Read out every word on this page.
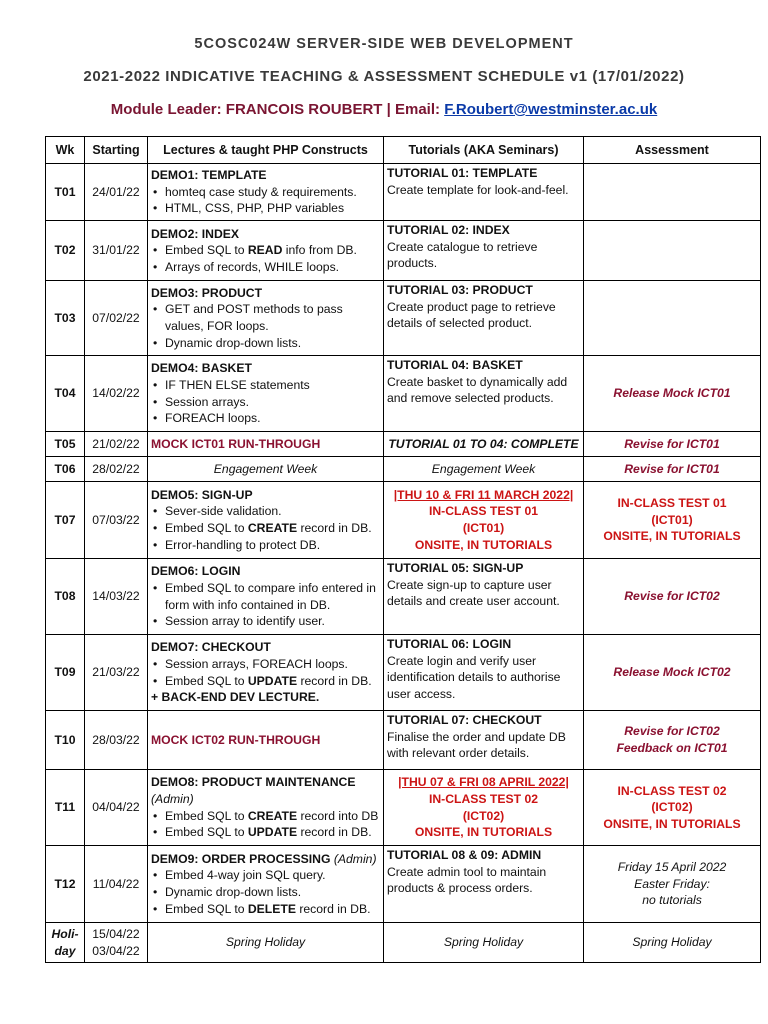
5COSC024W SERVER-SIDE WEB DEVELOPMENT
2021-2022 INDICATIVE TEACHING & ASSESSMENT SCHEDULE v1 (17/01/2022)
Module Leader: FRANCOIS ROUBERT | Email: F.Roubert@westminster.ac.uk
Wk	Starting	Lectures & taught PHP Constructs	Tutorials (AKA Seminars)	Assessment
T01	24/01/22	DEMO1: TEMPLATE
• homteq case study & requirements.
• HTML, CSS, PHP, PHP variables	TUTORIAL 01: TEMPLATE
Create template for look-and-feel.	

T02	31/01/22	DEMO2: INDEX
• Embed SQL to READ info from DB.
• Arrays of records, WHILE loops.	TUTORIAL 02: INDEX
Create catalogue to retrieve products.	

T03	07/02/22	DEMO3: PRODUCT
• GET and POST methods to pass values, FOR loops.
• Dynamic drop-down lists.	TUTORIAL 03: PRODUCT
Create product page to retrieve details of selected product.	

T04	14/02/22	DEMO4: BASKET
• IF THEN ELSE statements
• Session arrays.
• FOREACH loops.	TUTORIAL 04: BASKET
Create basket to dynamically add and remove selected products.	Release Mock ICT01
T05	21/02/22	MOCK ICT01 RUN-THROUGH	TUTORIAL 01 TO 04: COMPLETE	Revise for ICT01
T06	28/02/22	Engagement Week	Engagement Week	Revise for ICT01
T07	07/03/22	DEMO5: SIGN-UP
• Sever-side validation.
• Embed SQL to CREATE record in DB.
• Error-handling to protect DB.	|THU 10 & FRI 11 MARCH 2022|
IN-CLASS TEST 01
(ICT01)
ONSITE, IN TUTORIALS	IN-CLASS TEST 01
(ICT01)
ONSITE, IN TUTORIALS

T08	14/03/22	DEMO6: LOGIN
• Embed SQL to compare info entered in form with info contained in DB.
• Session array to identify user.	TUTORIAL 05: SIGN-UP
Create sign-up to capture user details and create user account.	Revise for ICT02
T09	21/03/22	DEMO7: CHECKOUT
• Session arrays, FOREACH loops.
• Embed SQL to UPDATE record in DB.
+ BACK-END DEV LECTURE.	TUTORIAL 06: LOGIN
Create login and verify user identification details to authorise user access.	Release Mock ICT02
T10	28/03/22	MOCK ICT02 RUN-THROUGH	TUTORIAL 07: CHECKOUT
Finalise the order and update DB with relevant order details.	Revise for ICT02
Feedback on ICT01

T11	04/04/22	DEMO8: PRODUCT MAINTENANCE
(Admin)
• Embed SQL to CREATE record into DB
• Embed SQL to UPDATE record in DB.	|THU 07 & FRI 08 APRIL 2022|
IN-CLASS TEST 02
(ICT02)
ONSITE, IN TUTORIALS	IN-CLASS TEST 02
(ICT02)
ONSITE, IN TUTORIALS

T12	11/04/22	DEMO9: ORDER PROCESSING (Admin)
• Embed 4-way join SQL query.
• Dynamic drop-down lists.
• Embed SQL to DELETE record in DB.	TUTORIAL 08 & 09: ADMIN
Create admin tool to maintain products & process orders.	Friday 15 April 2022
Easter Friday:
no tutorials

Holi-
day	15/04/22
03/04/22	Spring Holiday	Spring Holiday	Spring Holiday
